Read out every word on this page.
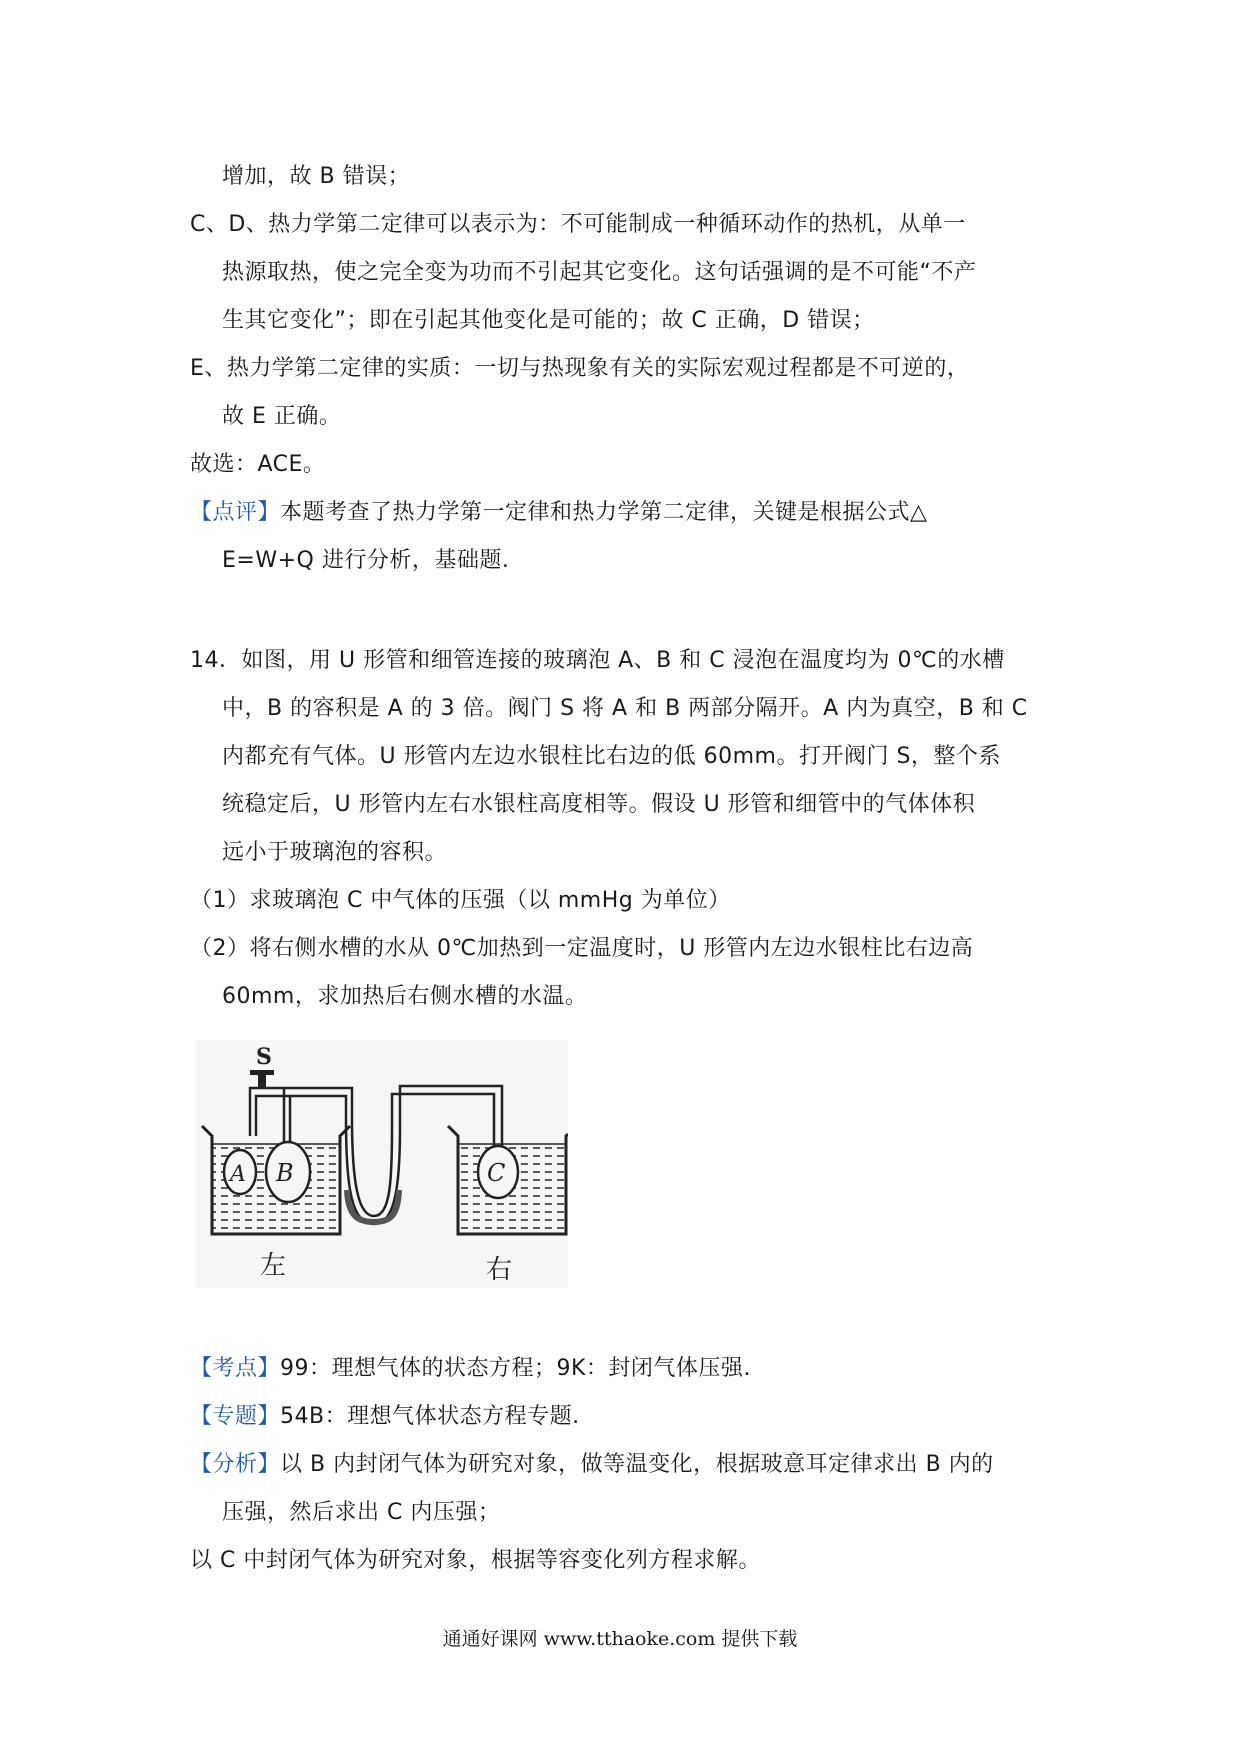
增加，故 B 错误；
C、D、热力学第二定律可以表示为：不可能制成一种循环动作的热机，从单一
热源取热，使之完全变为功而不引起其它变化。这句话强调的是不可能“不产
生其它变化”；即在引起其他变化是可能的；故 C 正确，D 错误；
E、热力学第二定律的实质：一切与热现象有关的实际宏观过程都是不可逆的，
故 E 正确。
故选：ACE。
【点评】本题考查了热力学第一定律和热力学第二定律，关键是根据公式△
E=W+Q 进行分析，基础题.
14．如图，用 U 形管和细管连接的玻璃泡 A、B 和 C 浸泡在温度均为 0℃的水槽
中，B 的容积是 A 的 3 倍。阀门 S 将 A 和 B 两部分隔开。A 内为真空，B 和 C
内都充有气体。U 形管内左边水银柱比右边的低 60mm。打开阀门 S，整个系
统稳定后，U 形管内左右水银柱高度相等。假设 U 形管和细管中的气体体积
远小于玻璃泡的容积。
（1）求玻璃泡 C 中气体的压强（以 mmHg 为单位）
（2）将右侧水槽的水从 0℃加热到一定温度时，U 形管内左边水银柱比右边高
60mm，求加热后右侧水槽的水温。
S
A B	C
左	右
【考点】99：理想气体的状态方程；9K：封闭气体压强.
【专题】54B：理想气体状态方程专题.
【分析】以 B 内封闭气体为研究对象，做等温变化，根据玻意耳定律求出 B 内的
压强，然后求出 C 内压强；
以 C 中封闭气体为研究对象，根据等容变化列方程求解。
通通好课网 www.tthaoke.com 提供下载
